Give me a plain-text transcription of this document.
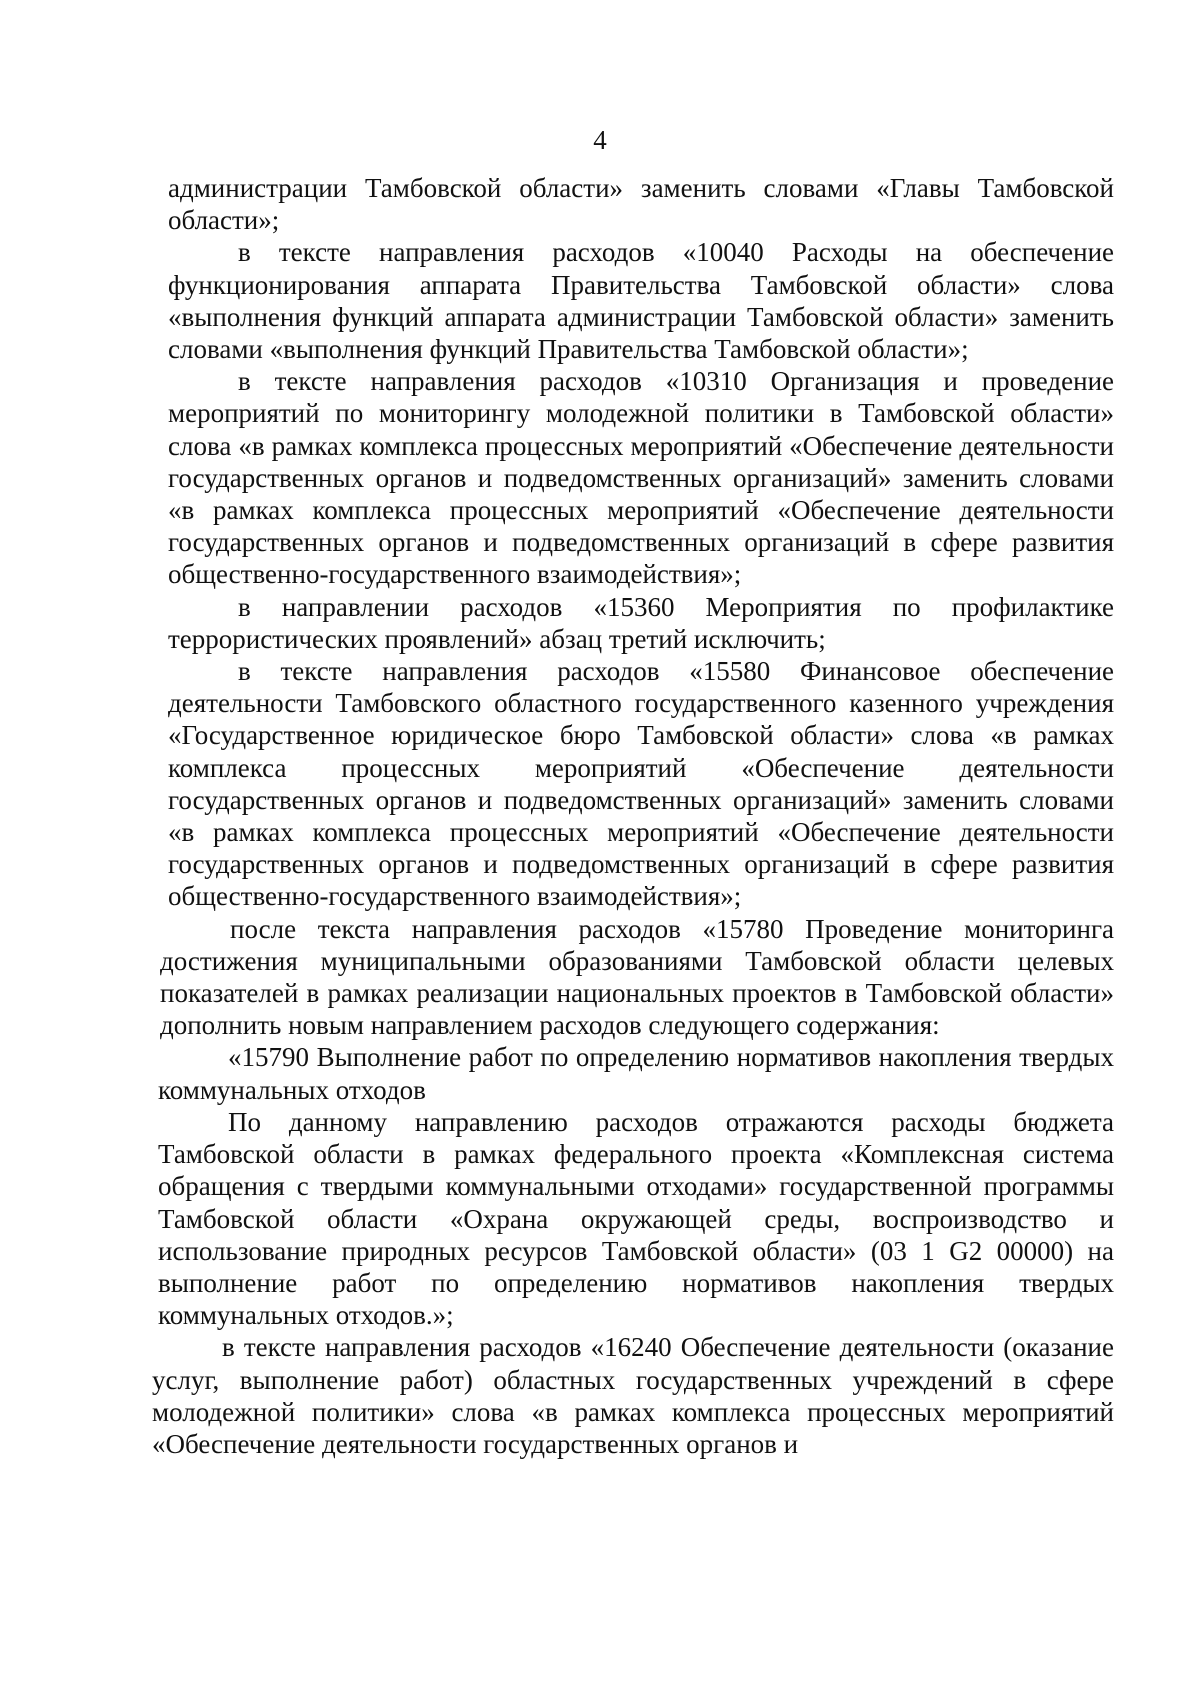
4

администрации Тамбовской области» заменить словами «Главы Тамбовской области»;

в тексте направления расходов «10040 Расходы на обеспечение функционирования аппарата Правительства Тамбовской области» слова «выполнения функций аппарата администрации Тамбовской области» заменить словами «выполнения функций Правительства Тамбовской области»;

в тексте направления расходов «10310 Организация и проведение мероприятий по мониторингу молодежной политики в Тамбовской области» слова «в рамках комплекса процессных мероприятий «Обеспечение деятельности государственных органов и подведомственных организаций» заменить словами «в рамках комплекса процессных мероприятий «Обеспечение деятельности государственных органов и подведомственных организаций в сфере развития общественно-государственного взаимодействия»;

в направлении расходов «15360 Мероприятия по профилактике террористических проявлений» абзац третий исключить;

в тексте направления расходов «15580 Финансовое обеспечение деятельности Тамбовского областного государственного казенного учреждения «Государственное юридическое бюро Тамбовской области» слова «в рамках комплекса процессных мероприятий «Обеспечение деятельности государственных органов и подведомственных организаций» заменить словами «в рамках комплекса процессных мероприятий «Обеспечение деятельности государственных органов и подведомственных организаций в сфере развития общественно-государственного взаимодействия»;

после текста направления расходов «15780 Проведение мониторинга достижения муниципальными образованиями Тамбовской области целевых показателей в рамках реализации национальных проектов в Тамбовской области» дополнить новым направлением расходов следующего содержания:

«15790 Выполнение работ по определению нормативов накопления твердых коммунальных отходов

По данному направлению расходов отражаются расходы бюджета Тамбовской области в рамках федерального проекта «Комплексная система обращения с твердыми коммунальными отходами» государственной программы Тамбовской области «Охрана окружающей среды, воспроизводство и использование природных ресурсов Тамбовской области» (03 1 G2 00000) на выполнение работ по определению нормативов накопления твердых коммунальных отходов.»;

в тексте направления расходов «16240 Обеспечение деятельности (оказание услуг, выполнение работ) областных государственных учреждений в сфере молодежной политики» слова «в рамках комплекса процессных мероприятий «Обеспечение деятельности государственных органов и
